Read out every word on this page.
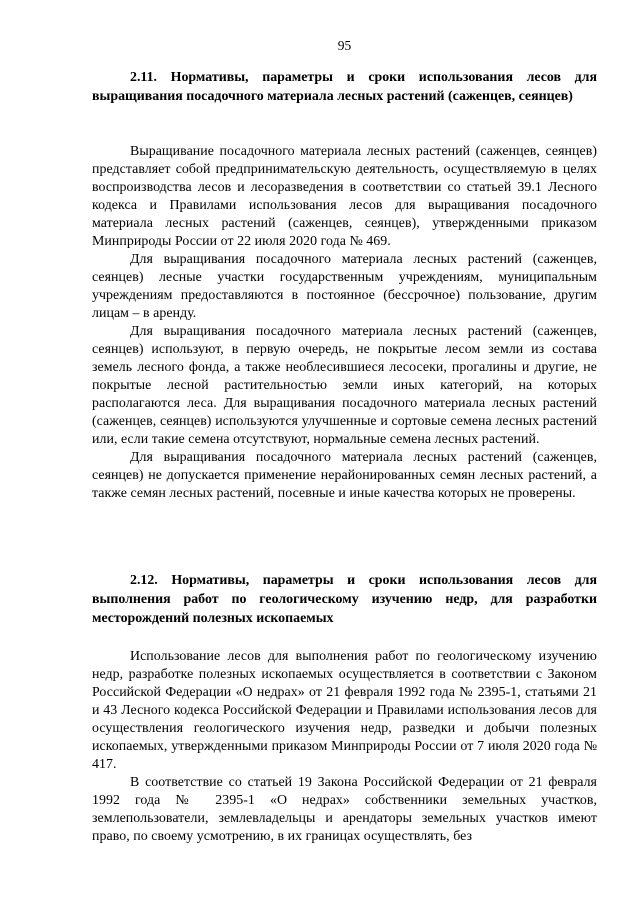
95
2.11. Нормативы, параметры и сроки использования лесов для выращивания посадочного материала лесных растений (саженцев, сеянцев)

Выращивание посадочного материала лесных растений (саженцев, сеянцев) представляет собой предпринимательскую деятельность, осуществляемую в целях воспроизводства лесов и лесоразведения в соответствии со статьей 39.1 Лесного кодекса и Правилами использования лесов для выращивания посадочного материала лесных растений (саженцев, сеянцев), утвержденными приказом Минприроды России от 22 июля 2020 года № 469.

Для выращивания посадочного материала лесных растений (саженцев, сеянцев) лесные участки государственным учреждениям, муниципальным учреждениям предоставляются в постоянное (бессрочное) пользование, другим лицам – в аренду.

Для выращивания посадочного материала лесных растений (саженцев, сеянцев) используют, в первую очередь, не покрытые лесом земли из состава земель лесного фонда, а также необлесившиеся лесосеки, прогалины и другие, не покрытые лесной растительностью земли иных категорий, на которых располагаются леса. Для выращивания посадочного материала лесных растений (саженцев, сеянцев) используются улучшенные и сортовые семена лесных растений или, если такие семена отсутствуют, нормальные семена лесных растений.

Для выращивания посадочного материала лесных растений (саженцев, сеянцев) не допускается применение нерайонированных семян лесных растений, а также семян лесных растений, посевные и иные качества которых не проверены.

2.12. Нормативы, параметры и сроки использования лесов для выполнения работ по геологическому изучению недр, для разработки месторождений полезных ископаемых

Использование лесов для выполнения работ по геологическому изучению недр, разработке полезных ископаемых осуществляется в соответствии с Законом Российской Федерации «О недрах» от 21 февраля 1992 года № 2395-1, статьями 21 и 43 Лесного кодекса Российской Федерации и Правилами использования лесов для осуществления геологического изучения недр, разведки и добычи полезных ископаемых, утвержденными приказом Минприроды России от 7 июля 2020 года № 417.

В соответствие со статьей 19 Закона Российской Федерации от 21 февраля 1992 года № 2395-1 «О недрах» собственники земельных участков, землепользователи, землевладельцы и арендаторы земельных участков имеют право, по своему усмотрению, в их границах осуществлять, без
